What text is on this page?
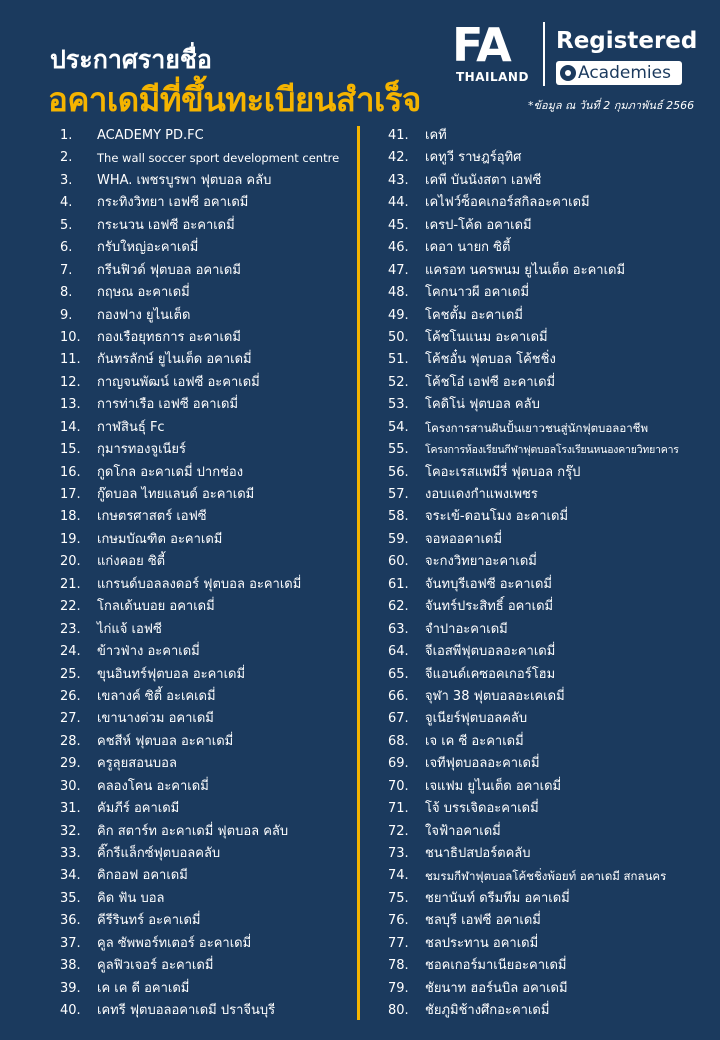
ประกาศรายชื่อ
อคาเดมีที่ขึ้นทะเบียนสำเร็จ
FA
THAILAND
Registered
Academies
*ข้อมูล ณ วันที่ 2 กุมภาพันธ์ 2566
1. ACADEMY PD.FC
2. The wall soccer sport development centre
3. WHA. เพชรบูรพา ฟุตบอล คลับ
4. กระทิงวิทยา เอฟซี อคาเดมี
5. กระนวน เอฟซี อะคาเดมี่
6. กรับใหญ่อะคาเดมี่
7. กรีนฟิวด์ ฟุตบอล อคาเดมี
8. กฤษณ อะคาเดมี่
9. กองฟาง ยูไนเต็ด
10. กองเรือยุทธการ อะคาเดมี
11. กันทรลักษ์ ยูไนเต็ด อคาเดมี่
12. กาญจนพัฒน์ เอฟซี อะคาเดมี่
13. การท่าเรือ เอฟซี อคาเดมี่
14. กาฬสินธุ์ Fc
15. กุมารทองจูเนียร์
16. กูดโกล อะคาเดมี่ ปากช่อง
17. กู๊ดบอล ไทยแลนด์ อะคาเดมี
18. เกษตรศาสตร์ เอฟซี
19. เกษมบัณฑิต อะคาเดมี
20. แก่งคอย ซิตี้
21. แกรนด์บอลลงดอร์ ฟุตบอล อะคาเดมี่
22. โกลเด้นบอย อคาเดมี่
23. ไก่แจ้ เอฟซี
24. ข้าวฟ่าง อะคาเดมี่
25. ขุนอินทร์ฟุตบอล อะคาเดมี่
26. เขลางค์ ซิตี้ อะเคเดมี่
27. เขานางต่วม อคาเดมี
28. คชสีห์ ฟุตบอล อะคาเดมี่
29. ครูลุยสอนบอล
30. คลองโคน อะคาเดมี่
31. คัมภีร์ อคาเดมี
32. คิก สตาร์ท อะคาเดมี่ ฟุตบอล คลับ
33. คิ๊กรีแล็กซ์ฟุตบอลคลับ
34. คิกออฟ อคาเดมี
35. คิด ฟัน บอล
36. คีรีรินทร์ อะคาเดมี่
37. คูล ซัพพอร์ทเตอร์ อะคาเดมี่
38. คูลฟิวเจอร์ อะคาเดมี่
39. เค เค ดี อคาเดมี่
40. เคทรี ฟุตบอลอคาเดมี ปราจีนบุรี
41. เคที
42. เคทูวี ราษฎร์อุทิศ
43. เคพี บันนังสตา เอฟซี
44. เคไฟว์ซ็อคเกอร์สกิลอะคาเดมี
45. เครป-โค้ด อคาเดมี
46. เคอา นายก ซิตี้
47. แครอท นครพนม ยูไนเต็ด อะคาเดมี
48. โคกนาวผี อคาเดมี่
49. โคชตั้ม อะคาเดมี่
50. โค้ชโนแนม อะคาเดมี่
51. โค้ชอั๋น ฟุตบอล โค้ชชิ่ง
52. โค้ชโอ๋ เอฟซี อะคาเดมี่
53. โคดิโน่ ฟุตบอล คลับ
54. โครงการสานฝันปั้นเยาวชนสู่นักฟุตบอลอาชีพ
55. โครงการห้องเรียนกีฬาฟุตบอลโรงเรียนหนองคายวิทยาคาร
56. โคอะเรสแพมีรี่ ฟุตบอล กรุ๊ป
57. งอบแดงกำแพงเพชร
58. จระเข้-ดอนโมง อะคาเดมี่
59. จอหออคาเดมี่
60. จะกงวิทยาอะคาเดมี่
61. จันทบุรีเอฟซี อะคาเดมี่
62. จันทร์ประสิทธิ์ อคาเดมี่
63. จำปาอะคาเดมี
64. จีเอสพีฟุตบอลอะคาเดมี่
65. จีแอนด์เคซอคเกอร์โฮม
66. จุฬา 38 ฟุตบอลอะเคเดมี่
67. จูเนียร์ฟุตบอลคลับ
68. เจ เค ซี อะคาเดมี่
69. เจทีฟุตบอลอะคาเดมี่
70. เจแฟม ยูไนเต็ด อคาเดมี่
71. โจ้ บรรเจิดอะคาเดมี่
72. ใจฟ้าอคาเดมี่
73. ชนาธิปสปอร์ตคลับ
74. ชมรมกีฬาฟุตบอลโค้ชชิ่งพ้อยท์ อคาเดมี สกลนคร
75. ชยานันท์ ดรีมทีม อคาเดมี่
76. ชลบุรี เอฟซี อคาเดมี่
77. ชลประทาน อคาเดมี่
78. ชอคเกอร์มาเนียอะคาเดมี่
79. ชัยนาท ฮอร์นบิล อคาเดมี
80. ชัยภูมิช้างศึกอะคาเดมี่
